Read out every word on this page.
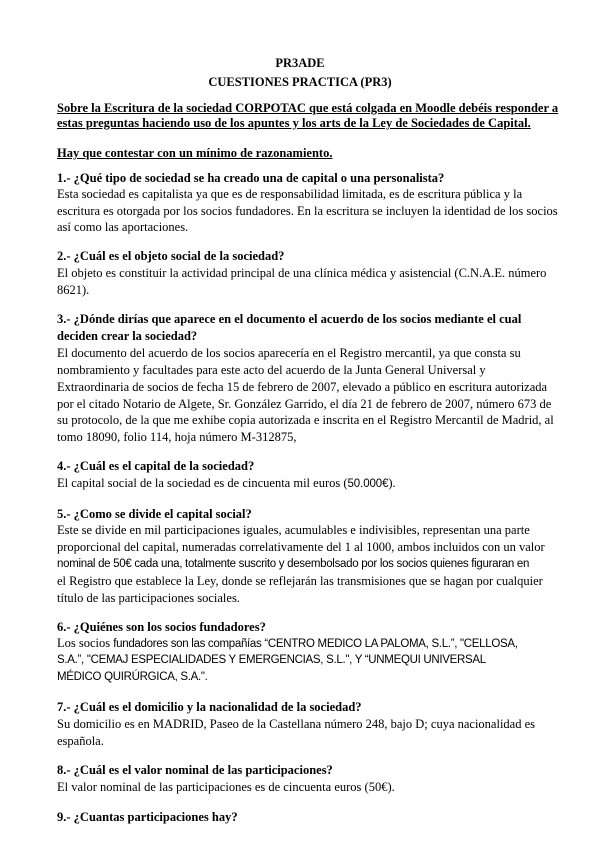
PR3ADE
CUESTIONES PRACTICA (PR3)
Sobre la Escritura de la sociedad CORPOTAC que está colgada en Moodle debéis responder a
estas preguntas haciendo uso de los apuntes y los arts de la Ley de Sociedades de Capital.
Hay que contestar con un mínimo de razonamiento.
1.- ¿Qué tipo de sociedad se ha creado una de capital o una personalista?
Esta sociedad es capitalista ya que es de responsabilidad limitada, es de escritura pública y la
escritura es otorgada por los socios fundadores. En la escritura se incluyen la identidad de los socios
así como las aportaciones.
2.- ¿Cuál es el objeto social de la sociedad?
El objeto es constituir la actividad principal de una clínica médica y asistencial (C.N.A.E. número
8621).
3.- ¿Dónde dirías que aparece en el documento el acuerdo de los socios mediante el cual
deciden crear la sociedad?
El documento del acuerdo de los socios aparecería en el Registro mercantil, ya que consta su
nombramiento y facultades para este acto del acuerdo de la Junta General Universal y
Extraordinaria de socios de fecha 15 de febrero de 2007, elevado a público en escritura autorizada
por el citado Notario de Algete, Sr. González Garrido, el día 21 de febrero de 2007, número 673 de
su protocolo, de la que me exhibe copia autorizada e inscrita en el Registro Mercantil de Madrid, al
tomo 18090, folio 114, hoja número M-312875,
4.- ¿Cuál es el capital de la sociedad?
El capital social de la sociedad es de cincuenta mil euros (50.000€).
5.- ¿Como se divide el capital social?
Este se divide en mil participaciones iguales, acumulables e indivisibles, representan una parte
proporcional del capital, numeradas correlativamente del 1 al 1000, ambos incluidos con un valor
nominal de 50€ cada una, totalmente suscrito y desembolsado por los socios quienes figuraran en
el Registro que establece la Ley, donde se reflejarán las transmisiones que se hagan por cualquier
título de las participaciones sociales.
6.- ¿Quiénes son los socios fundadores?
Los socios fundadores son las compañías “CENTRO MEDICO LA PALOMA, S.L.”, "CELLOSA,
S.A.”, "CEMAJ ESPECIALIDADES Y EMERGENCIAS, S.L.", Y “UNMEQUI UNIVERSAL
MÉDICO QUIRÚRGICA, S.A.".
7.- ¿Cuál es el domicilio y la nacionalidad de la sociedad?
Su domicilio es en MADRID, Paseo de la Castellana número 248, bajo D; cuya nacionalidad es
española.
8.- ¿Cuál es el valor nominal de las participaciones?
El valor nominal de las participaciones es de cincuenta euros (50€).
9.- ¿Cuantas participaciones hay?
